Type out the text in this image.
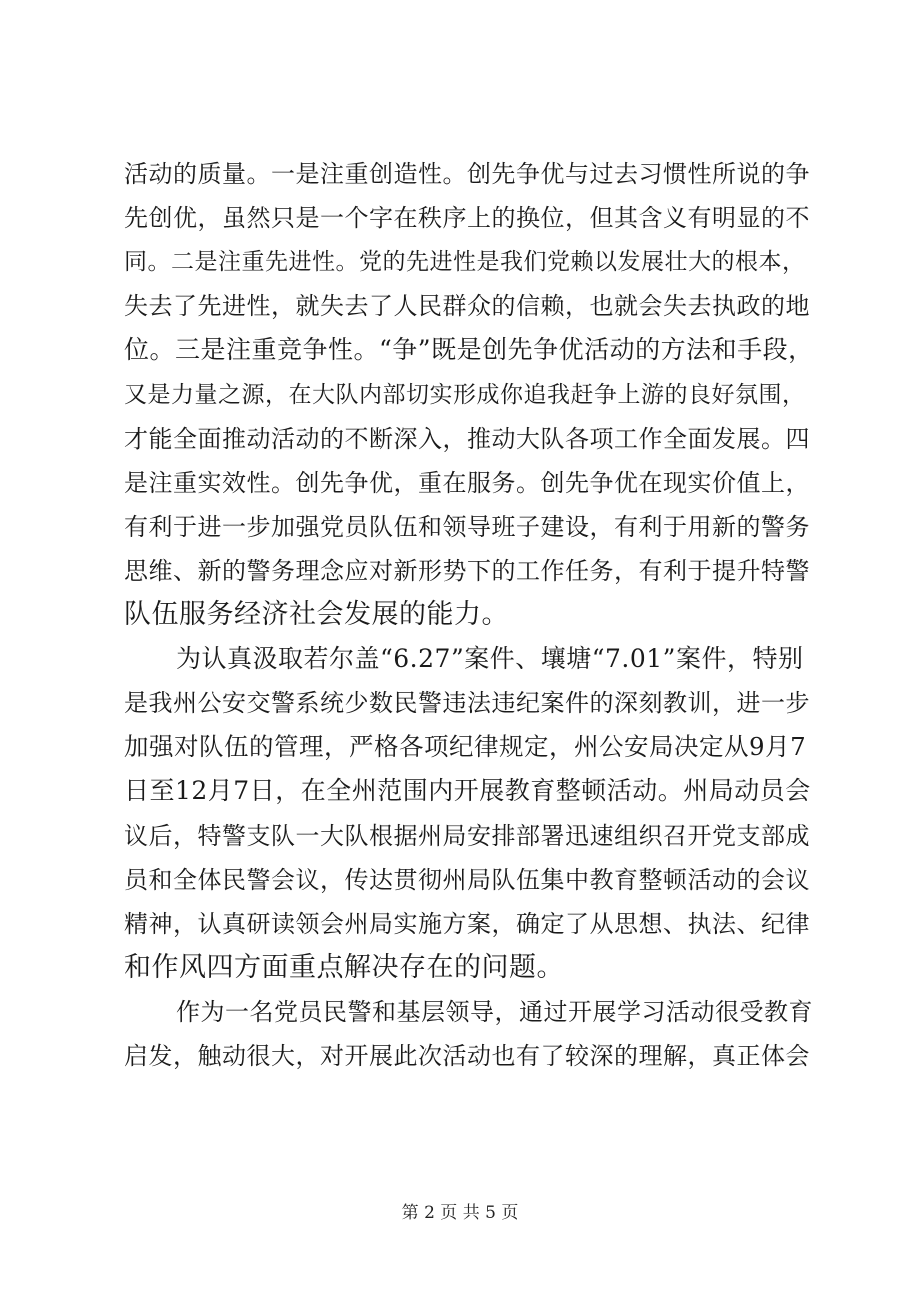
活动的质量。一是注重创造性。创先争优与过去习惯性所说的争
先创优，虽然只是一个字在秩序上的换位，但其含义有明显的不
同。二是注重先进性。党的先进性是我们党赖以发展壮大的根本，
失去了先进性，就失去了人民群众的信赖，也就会失去执政的地
位。三是注重竞争性。“争”既是创先争优活动的方法和手段，
又是力量之源，在大队内部切实形成你追我赶争上游的良好氛围，
才能全面推动活动的不断深入，推动大队各项工作全面发展。四
是注重实效性。创先争优，重在服务。创先争优在现实价值上，
有利于进一步加强党员队伍和领导班子建设，有利于用新的警务
思维、新的警务理念应对新形势下的工作任务，有利于提升特警
队伍服务经济社会发展的能力。
为认真汲取若尔盖“6.27”案件、壤塘“7.01”案件，特别
是我州公安交警系统少数民警违法违纪案件的深刻教训，进一步
加强对队伍的管理，严格各项纪律规定，州公安局决定从9月7
日至12月7日，在全州范围内开展教育整顿活动。州局动员会
议后，特警支队一大队根据州局安排部署迅速组织召开党支部成
员和全体民警会议，传达贯彻州局队伍集中教育整顿活动的会议
精神，认真研读领会州局实施方案，确定了从思想、执法、纪律
和作风四方面重点解决存在的问题。
作为一名党员民警和基层领导，通过开展学习活动很受教育
启发，触动很大，对开展此次活动也有了较深的理解，真正体会
第 2 页 共 5 页
